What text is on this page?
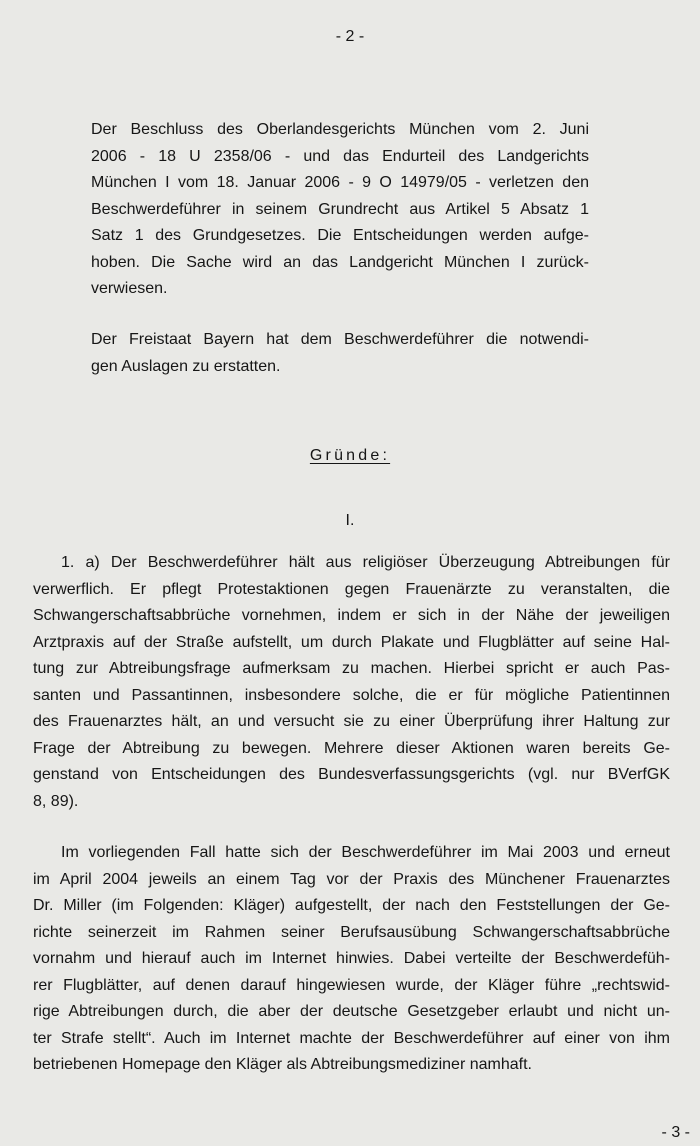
- 2 -
Der Beschluss des Oberlandesgerichts München vom 2. Juni
2006 - 18 U 2358/06 - und das Endurteil des Landgerichts
München I vom 18. Januar 2006 - 9 O 14979/05 - verletzen den
Beschwerdeführer in seinem Grundrecht aus Artikel 5 Absatz 1
Satz 1 des Grundgesetzes. Die Entscheidungen werden aufge-
hoben. Die Sache wird an das Landgericht München I zurück-
verwiesen.
Der Freistaat Bayern hat dem Beschwerdeführer die notwendi-
gen Auslagen zu erstatten.
Gründe:
I.
1. a) Der Beschwerdeführer hält aus religiöser Überzeugung Abtreibungen für
verwerflich. Er pflegt Protestaktionen gegen Frauenärzte zu veranstalten, die
Schwangerschaftsabbrüche vornehmen, indem er sich in der Nähe der jeweiligen
Arztpraxis auf der Straße aufstellt, um durch Plakate und Flugblätter auf seine Hal-
tung zur Abtreibungsfrage aufmerksam zu machen. Hierbei spricht er auch Pas-
santen und Passantinnen, insbesondere solche, die er für mögliche Patientinnen
des Frauenarztes hält, an und versucht sie zu einer Überprüfung ihrer Haltung zur
Frage der Abtreibung zu bewegen. Mehrere dieser Aktionen waren bereits Ge-
genstand von Entscheidungen des Bundesverfassungsgerichts (vgl. nur BVerfGK
8, 89).
Im vorliegenden Fall hatte sich der Beschwerdeführer im Mai 2003 und erneut
im April 2004 jeweils an einem Tag vor der Praxis des Münchener Frauenarztes
Dr. Miller (im Folgenden: Kläger) aufgestellt, der nach den Feststellungen der Ge-
richte seinerzeit im Rahmen seiner Berufsausübung Schwangerschaftsabbrüche
vornahm und hierauf auch im Internet hinwies. Dabei verteilte der Beschwerdefüh-
rer Flugblätter, auf denen darauf hingewiesen wurde, der Kläger führe „rechtswid-
rige Abtreibungen durch, die aber der deutsche Gesetzgeber erlaubt und nicht un-
ter Strafe stellt“. Auch im Internet machte der Beschwerdeführer auf einer von ihm
betriebenen Homepage den Kläger als Abtreibungsmediziner namhaft.
- 3 -
